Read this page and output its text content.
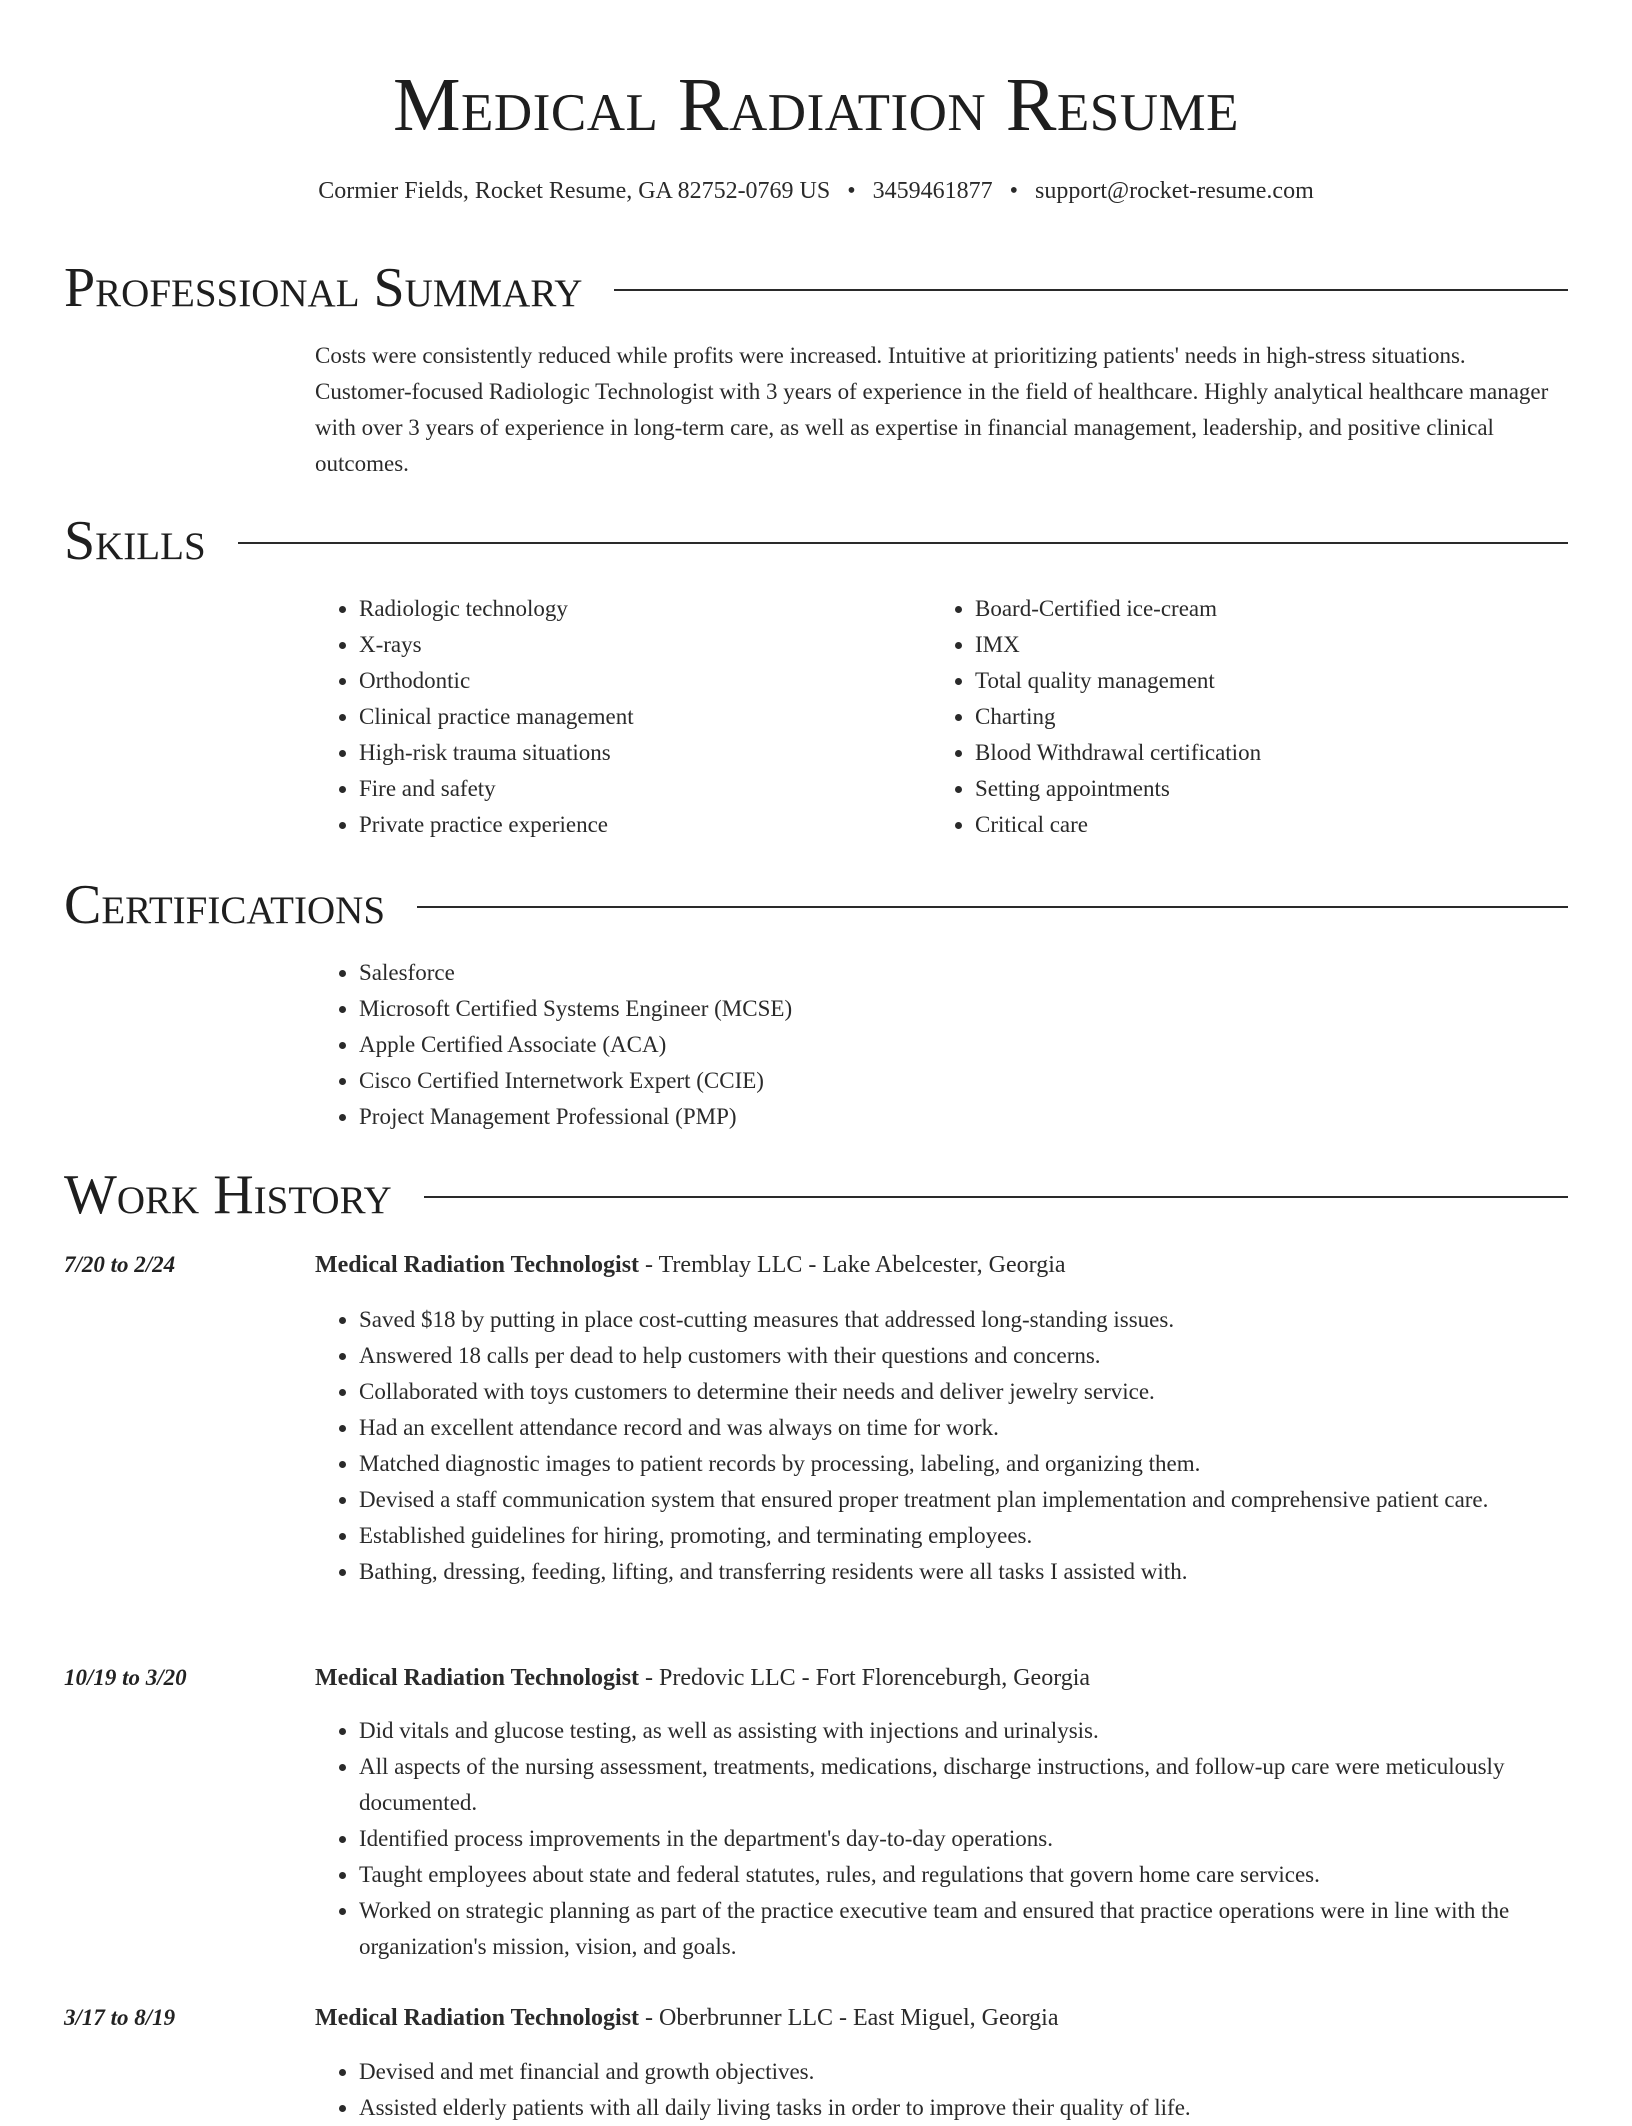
Medical Radiation Resume
Cormier Fields, Rocket Resume, GA 82752-0769 US • 3459461877 • support@rocket-resume.com
Professional Summary
Costs were consistently reduced while profits were increased. Intuitive at prioritizing patients' needs in high-stress situations. Customer-focused Radiologic Technologist with 3 years of experience in the field of healthcare. Highly analytical healthcare manager with over 3 years of experience in long-term care, as well as expertise in financial management, leadership, and positive clinical outcomes.
Skills
• Radiologic technology
• X-rays
• Orthodontic
• Clinical practice management
• High-risk trauma situations
• Fire and safety
• Private practice experience
• Board-Certified ice-cream
• IMX
• Total quality management
• Charting
• Blood Withdrawal certification
• Setting appointments
• Critical care
Certifications
• Salesforce
• Microsoft Certified Systems Engineer (MCSE)
• Apple Certified Associate (ACA)
• Cisco Certified Internetwork Expert (CCIE)
• Project Management Professional (PMP)
Work History
7/20 to 2/24	Medical Radiation Technologist - Tremblay LLC - Lake Abelcester, Georgia
• Saved $18 by putting in place cost-cutting measures that addressed long-standing issues.
• Answered 18 calls per dead to help customers with their questions and concerns.
• Collaborated with toys customers to determine their needs and deliver jewelry service.
• Had an excellent attendance record and was always on time for work.
• Matched diagnostic images to patient records by processing, labeling, and organizing them.
• Devised a staff communication system that ensured proper treatment plan implementation and comprehensive patient care.
• Established guidelines for hiring, promoting, and terminating employees.
• Bathing, dressing, feeding, lifting, and transferring residents were all tasks I assisted with.
10/19 to 3/20	Medical Radiation Technologist - Predovic LLC - Fort Florenceburgh, Georgia
• Did vitals and glucose testing, as well as assisting with injections and urinalysis.
• All aspects of the nursing assessment, treatments, medications, discharge instructions, and follow-up care were meticulously documented.
• Identified process improvements in the department's day-to-day operations.
• Taught employees about state and federal statutes, rules, and regulations that govern home care services.
• Worked on strategic planning as part of the practice executive team and ensured that practice operations were in line with the organization's mission, vision, and goals.
3/17 to 8/19	Medical Radiation Technologist - Oberbrunner LLC - East Miguel, Georgia
• Devised and met financial and growth objectives.
• Assisted elderly patients with all daily living tasks in order to improve their quality of life.
